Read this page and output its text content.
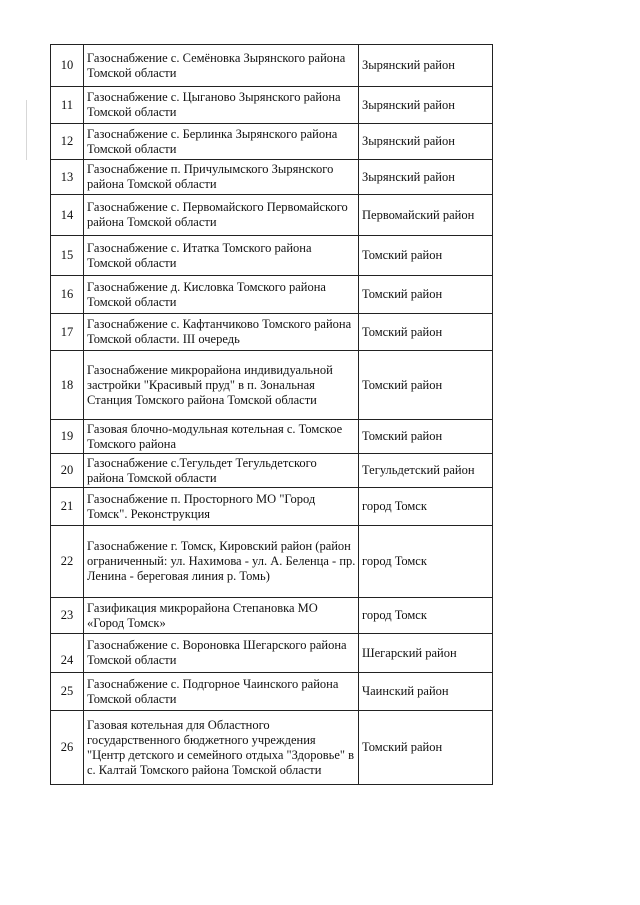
10	Газоснабжение с. Семёновка Зырянского района Томской области	Зырянский район
11	Газоснабжение с. Цыганово Зырянского района Томской области	Зырянский район
12	Газоснабжение с. Берлинка Зырянского района Томской области	Зырянский район
13	Газоснабжение п. Причулымского Зырянского района Томской области	Зырянский район
14	Газоснабжение с. Первомайского Первомайского района Томской области	Первомайский район
15	Газоснабжение с. Итатка Томского района Томской области	Томский район
16	Газоснабжение д. Кисловка Томского района Томской области	Томский район
17	Газоснабжение с. Кафтанчиково Томского района Томской области. III очередь	Томский район
18	Газоснабжение микрорайона индивидуальной застройки "Красивый пруд" в п. Зональная Станция Томского района Томской области	Томский район
19	Газовая блочно-модульная котельная с. Томское Томского района	Томский район
20	Газоснабжение с.Тегульдет Тегульдетского района Томской области	Тегульдетский район
21	Газоснабжение п. Просторного МО "Город Томск". Реконструкция	город Томск
22	Газоснабжение г. Томск, Кировский район (район ограниченный: ул. Нахимова - ул. А. Беленца - пр. Ленина - береговая линия р. Томь)	город Томск
23	Газификация микрорайона Степановка МО «Город Томск»	город Томск
24	Газоснабжение с. Вороновка Шегарского района Томской области	Шегарский район
25	Газоснабжение с. Подгорное Чаинского района Томской области	Чаинский район
26	Газовая котельная для Областного государственного бюджетного учреждения "Центр детского и семейного отдыха "Здоровье" в с. Калтай Томского района Томской области	Томский район
